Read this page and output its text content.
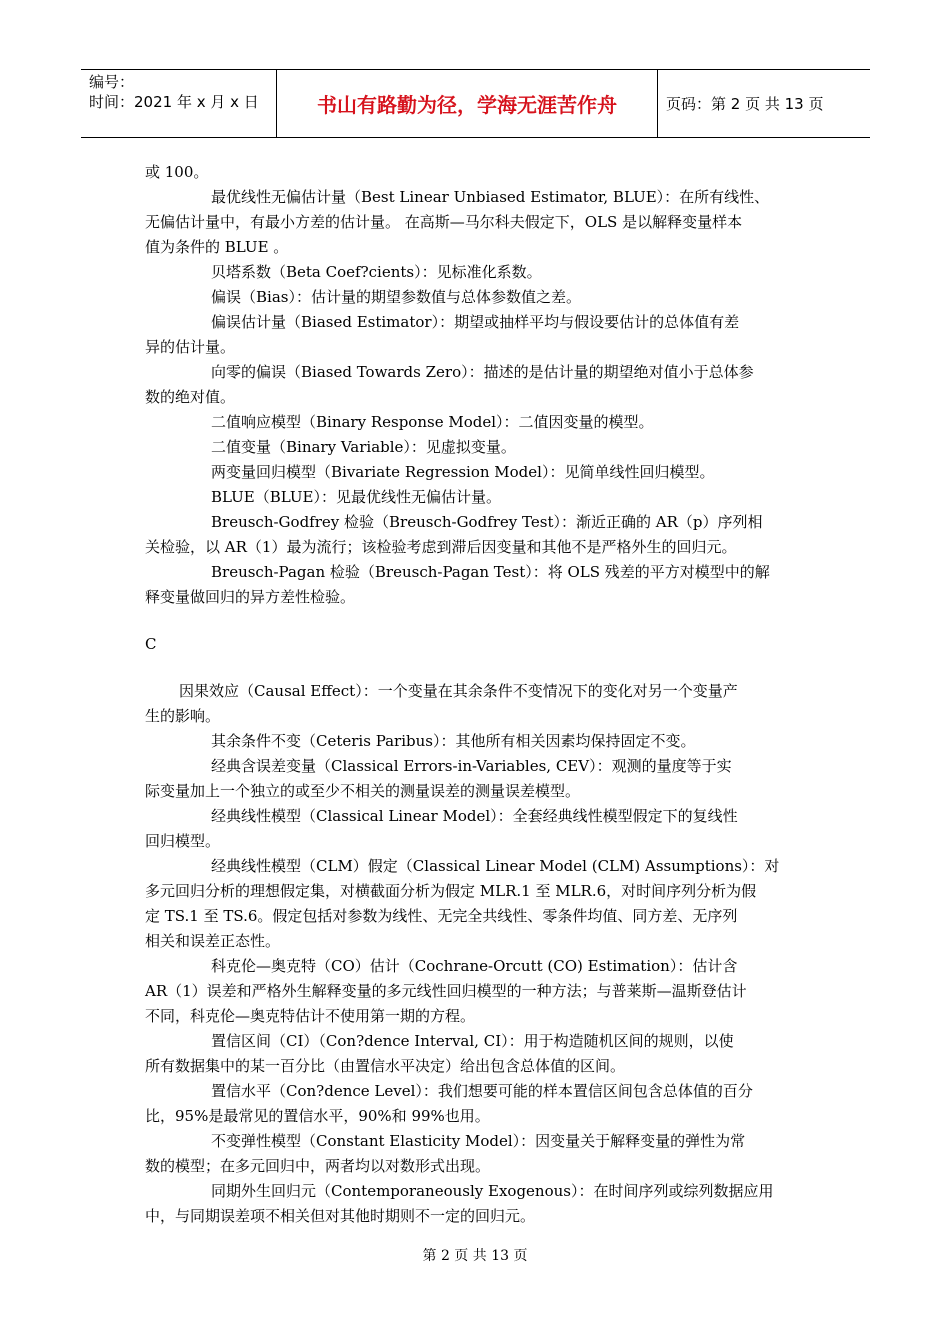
编号：
时间：2021 年 x 月 x 日	书山有路勤为径，学海无涯苦作舟	页码：第 2 页 共 13 页
或 100。
最优线性无偏估计量（Best Linear Unbiased Estimator, BLUE）：在所有线性、
无偏估计量中，有最小方差的估计量。 在高斯—马尔科夫假定下，OLS 是以解释变量样本
值为条件的 BLUE 。
贝塔系数（Beta Coef?cients）：见标准化系数。
偏误（Bias）：估计量的期望参数值与总体参数值之差。
偏误估计量（Biased Estimator）：期望或抽样平均与假设要估计的总体值有差
异的估计量。
向零的偏误（Biased Towards Zero）：描述的是估计量的期望绝对值小于总体参
数的绝对值。
二值响应模型（Binary Response Model）：二值因变量的模型。
二值变量（Binary Variable）：见虚拟变量。
两变量回归模型（Bivariate Regression Model）：见简单线性回归模型。
BLUE（BLUE）：见最优线性无偏估计量。
Breusch-Godfrey 检验（Breusch-Godfrey Test）：渐近正确的 AR（p）序列相
关检验，以 AR（1）最为流行；该检验考虑到滞后因变量和其他不是严格外生的回归元。
Breusch-Pagan 检验（Breusch-Pagan Test）：将 OLS 残差的平方对模型中的解
释变量做回归的异方差性检验。
C
因果效应（Causal Effect）：一个变量在其余条件不变情况下的变化对另一个变量产
生的影响。
其余条件不变（Ceteris Paribus）：其他所有相关因素均保持固定不变。
经典含误差变量（Classical Errors-in-Variables, CEV）：观测的量度等于实
际变量加上一个独立的或至少不相关的测量误差的测量误差模型。
经典线性模型（Classical Linear Model）：全套经典线性模型假定下的复线性
回归模型。
经典线性模型（CLM）假定（Classical Linear Model (CLM) Assumptions）：对
多元回归分析的理想假定集，对横截面分析为假定 MLR.1 至 MLR.6，对时间序列分析为假
定 TS.1 至 TS.6。假定包括对参数为线性、无完全共线性、零条件均值、同方差、无序列
相关和误差正态性。
科克伦—奥克特（CO）估计（Cochrane-Orcutt (CO) Estimation）：估计含
AR（1）误差和严格外生解释变量的多元线性回归模型的一种方法；与普莱斯—温斯登估计
不同，科克伦—奥克特估计不使用第一期的方程。
置信区间（CI）（Con?dence Interval, CI）：用于构造随机区间的规则，以使
所有数据集中的某一百分比（由置信水平决定）给出包含总体值的区间。
置信水平（Con?dence Level）：我们想要可能的样本置信区间包含总体值的百分
比，95%是最常见的置信水平，90%和 99%也用。
不变弹性模型（Constant Elasticity Model）：因变量关于解释变量的弹性为常
数的模型；在多元回归中，两者均以对数形式出现。
同期外生回归元（Contemporaneously Exogenous）：在时间序列或综列数据应用
中，与同期误差项不相关但对其他时期则不一定的回归元。
第 2 页 共 13 页
